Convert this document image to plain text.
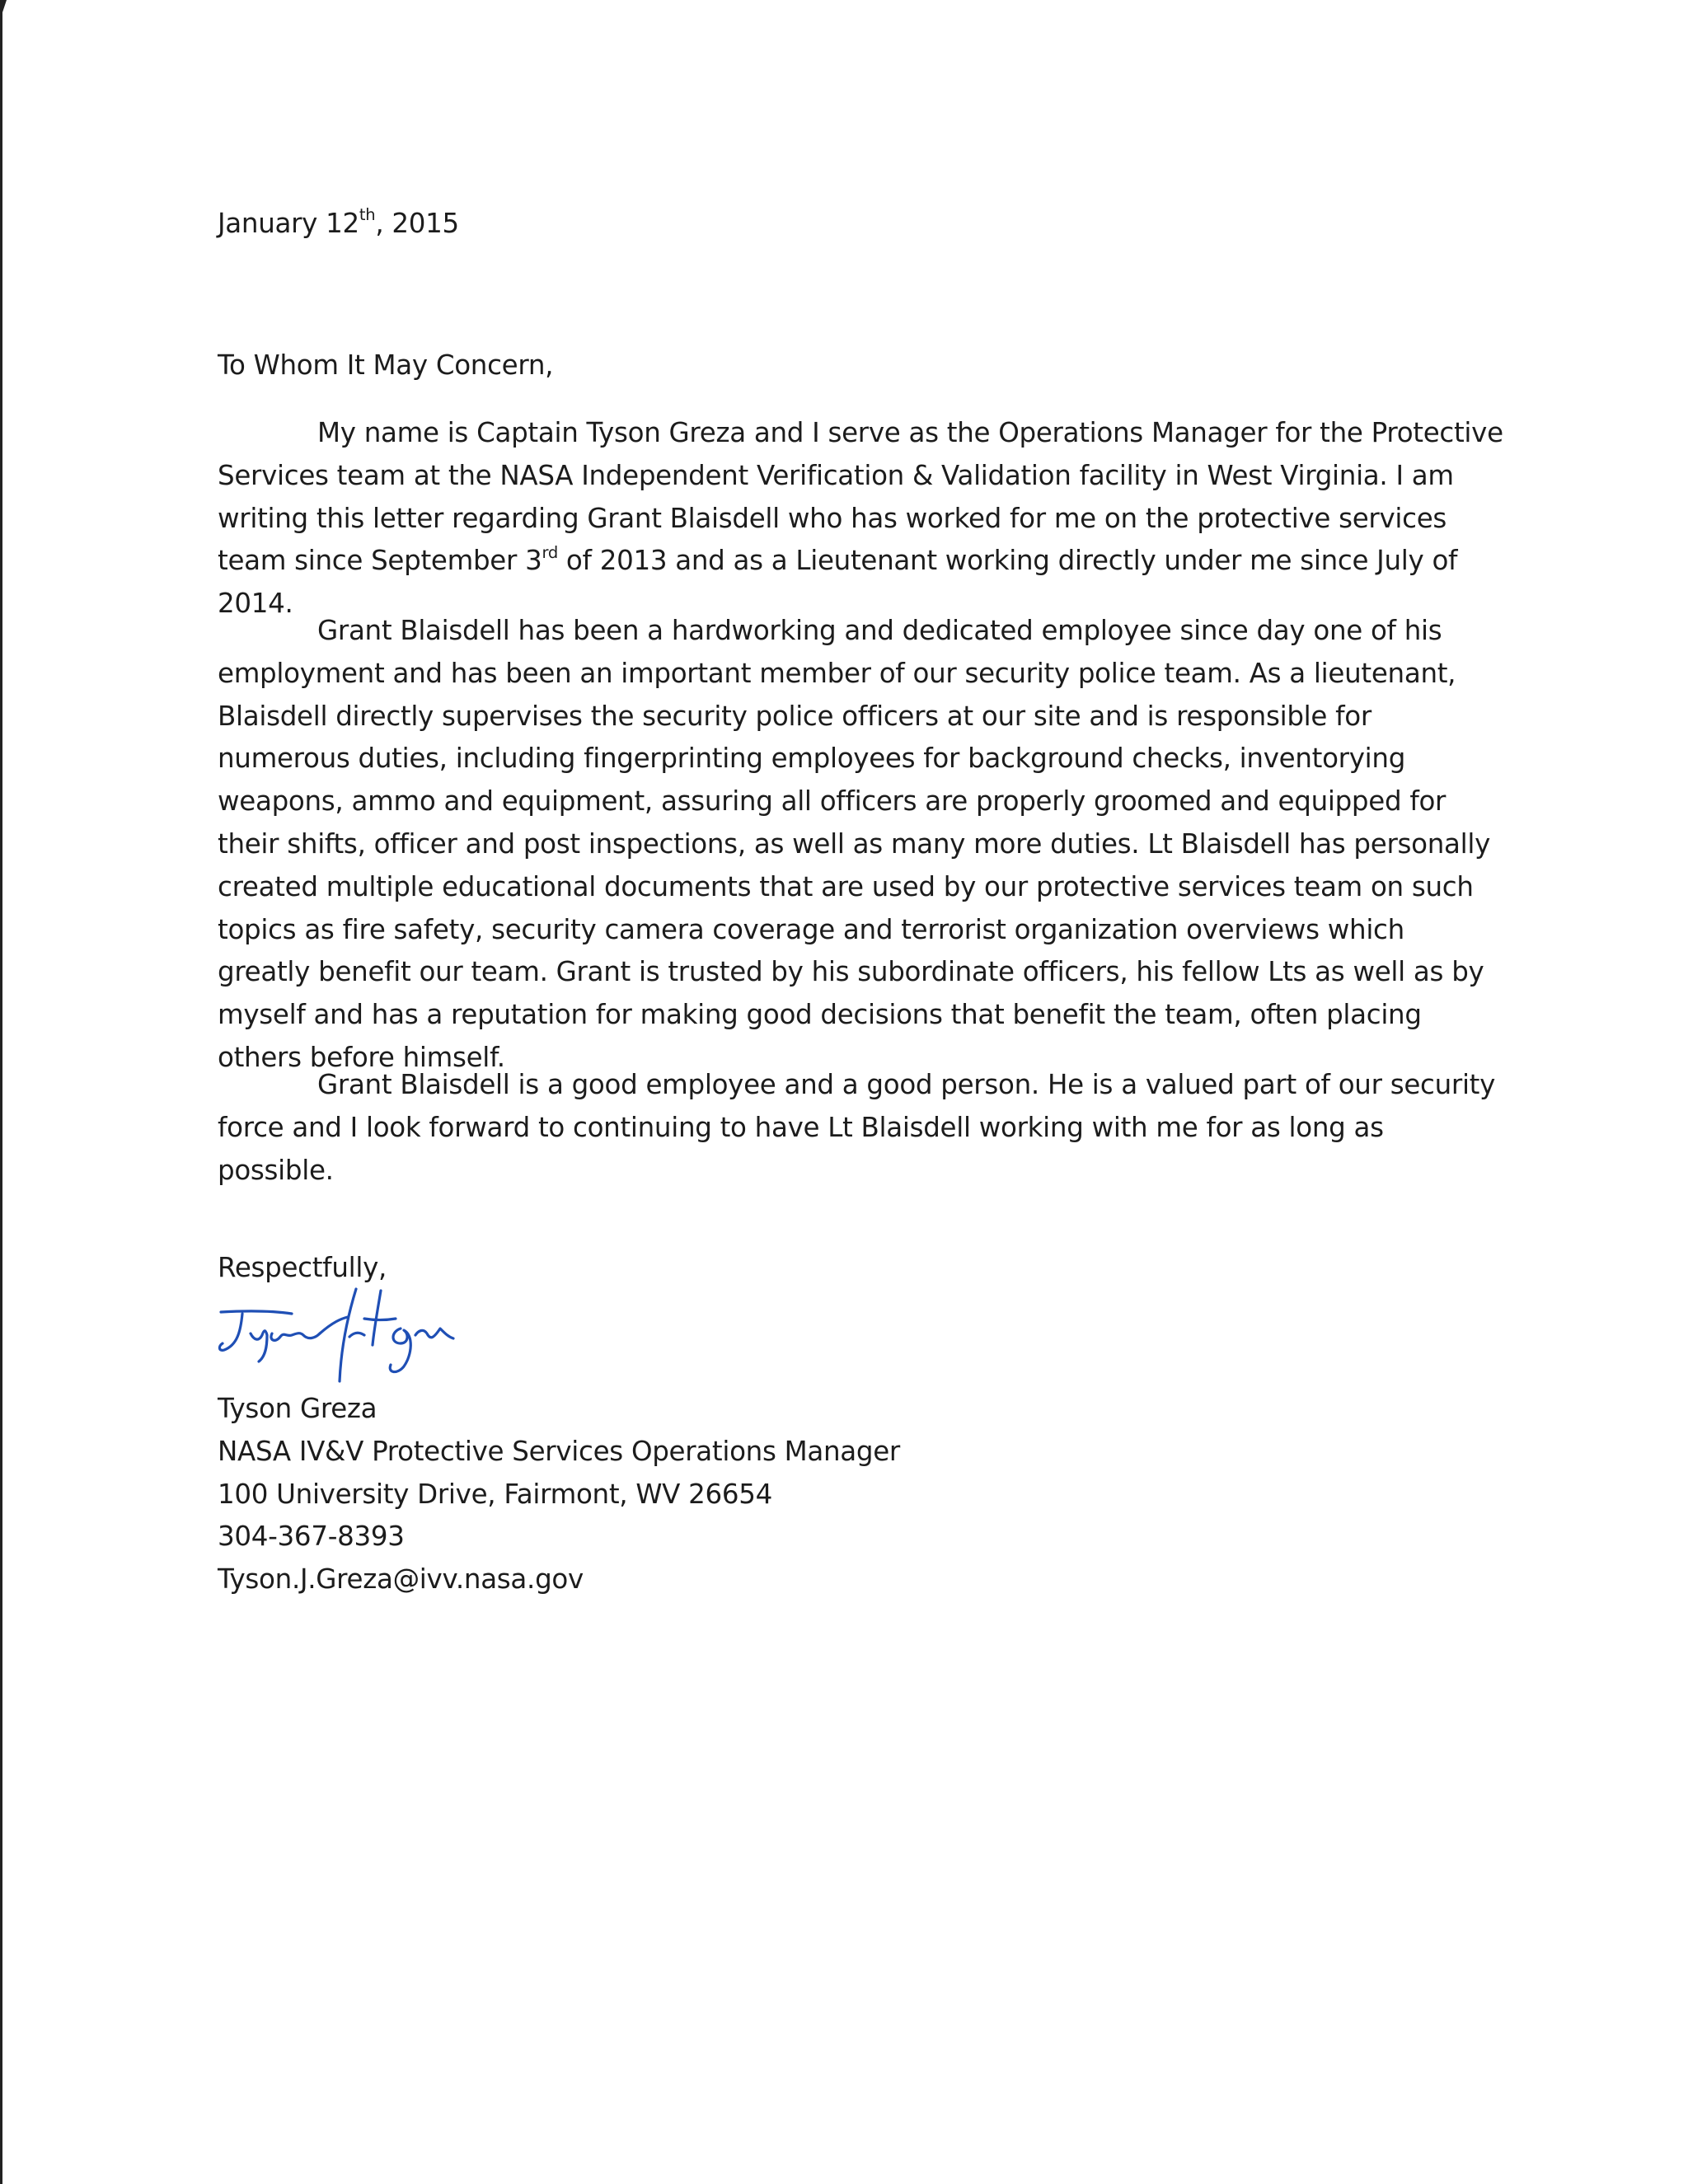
January 12th, 2015
To Whom It May Concern,

My name is Captain Tyson Greza and I serve as the Operations Manager for the Protective Services team at the NASA Independent Verification & Validation facility in West Virginia. I am writing this letter regarding Grant Blaisdell who has worked for me on the protective services team since September 3rd of 2013 and as a Lieutenant working directly under me since July of 2014.

Grant Blaisdell has been a hardworking and dedicated employee since day one of his employment and has been an important member of our security police team. As a lieutenant, Blaisdell directly supervises the security police officers at our site and is responsible for numerous duties, including fingerprinting employees for background checks, inventorying weapons, ammo and equipment, assuring all officers are properly groomed and equipped for their shifts, officer and post inspections, as well as many more duties. Lt Blaisdell has personally created multiple educational documents that are used by our protective services team on such topics as fire safety, security camera coverage and terrorist organization overviews which greatly benefit our team. Grant is trusted by his subordinate officers, his fellow Lts as well as by myself and has a reputation for making good decisions that benefit the team, often placing others before himself.

Grant Blaisdell is a good employee and a good person. He is a valued part of our security force and I look forward to continuing to have Lt Blaisdell working with me for as long as possible.

Respectfully,
Tyson Greza
NASA IV&V Protective Services Operations Manager
100 University Drive, Fairmont, WV 26654
304-367-8393
Tyson.J.Greza@ivv.nasa.gov
